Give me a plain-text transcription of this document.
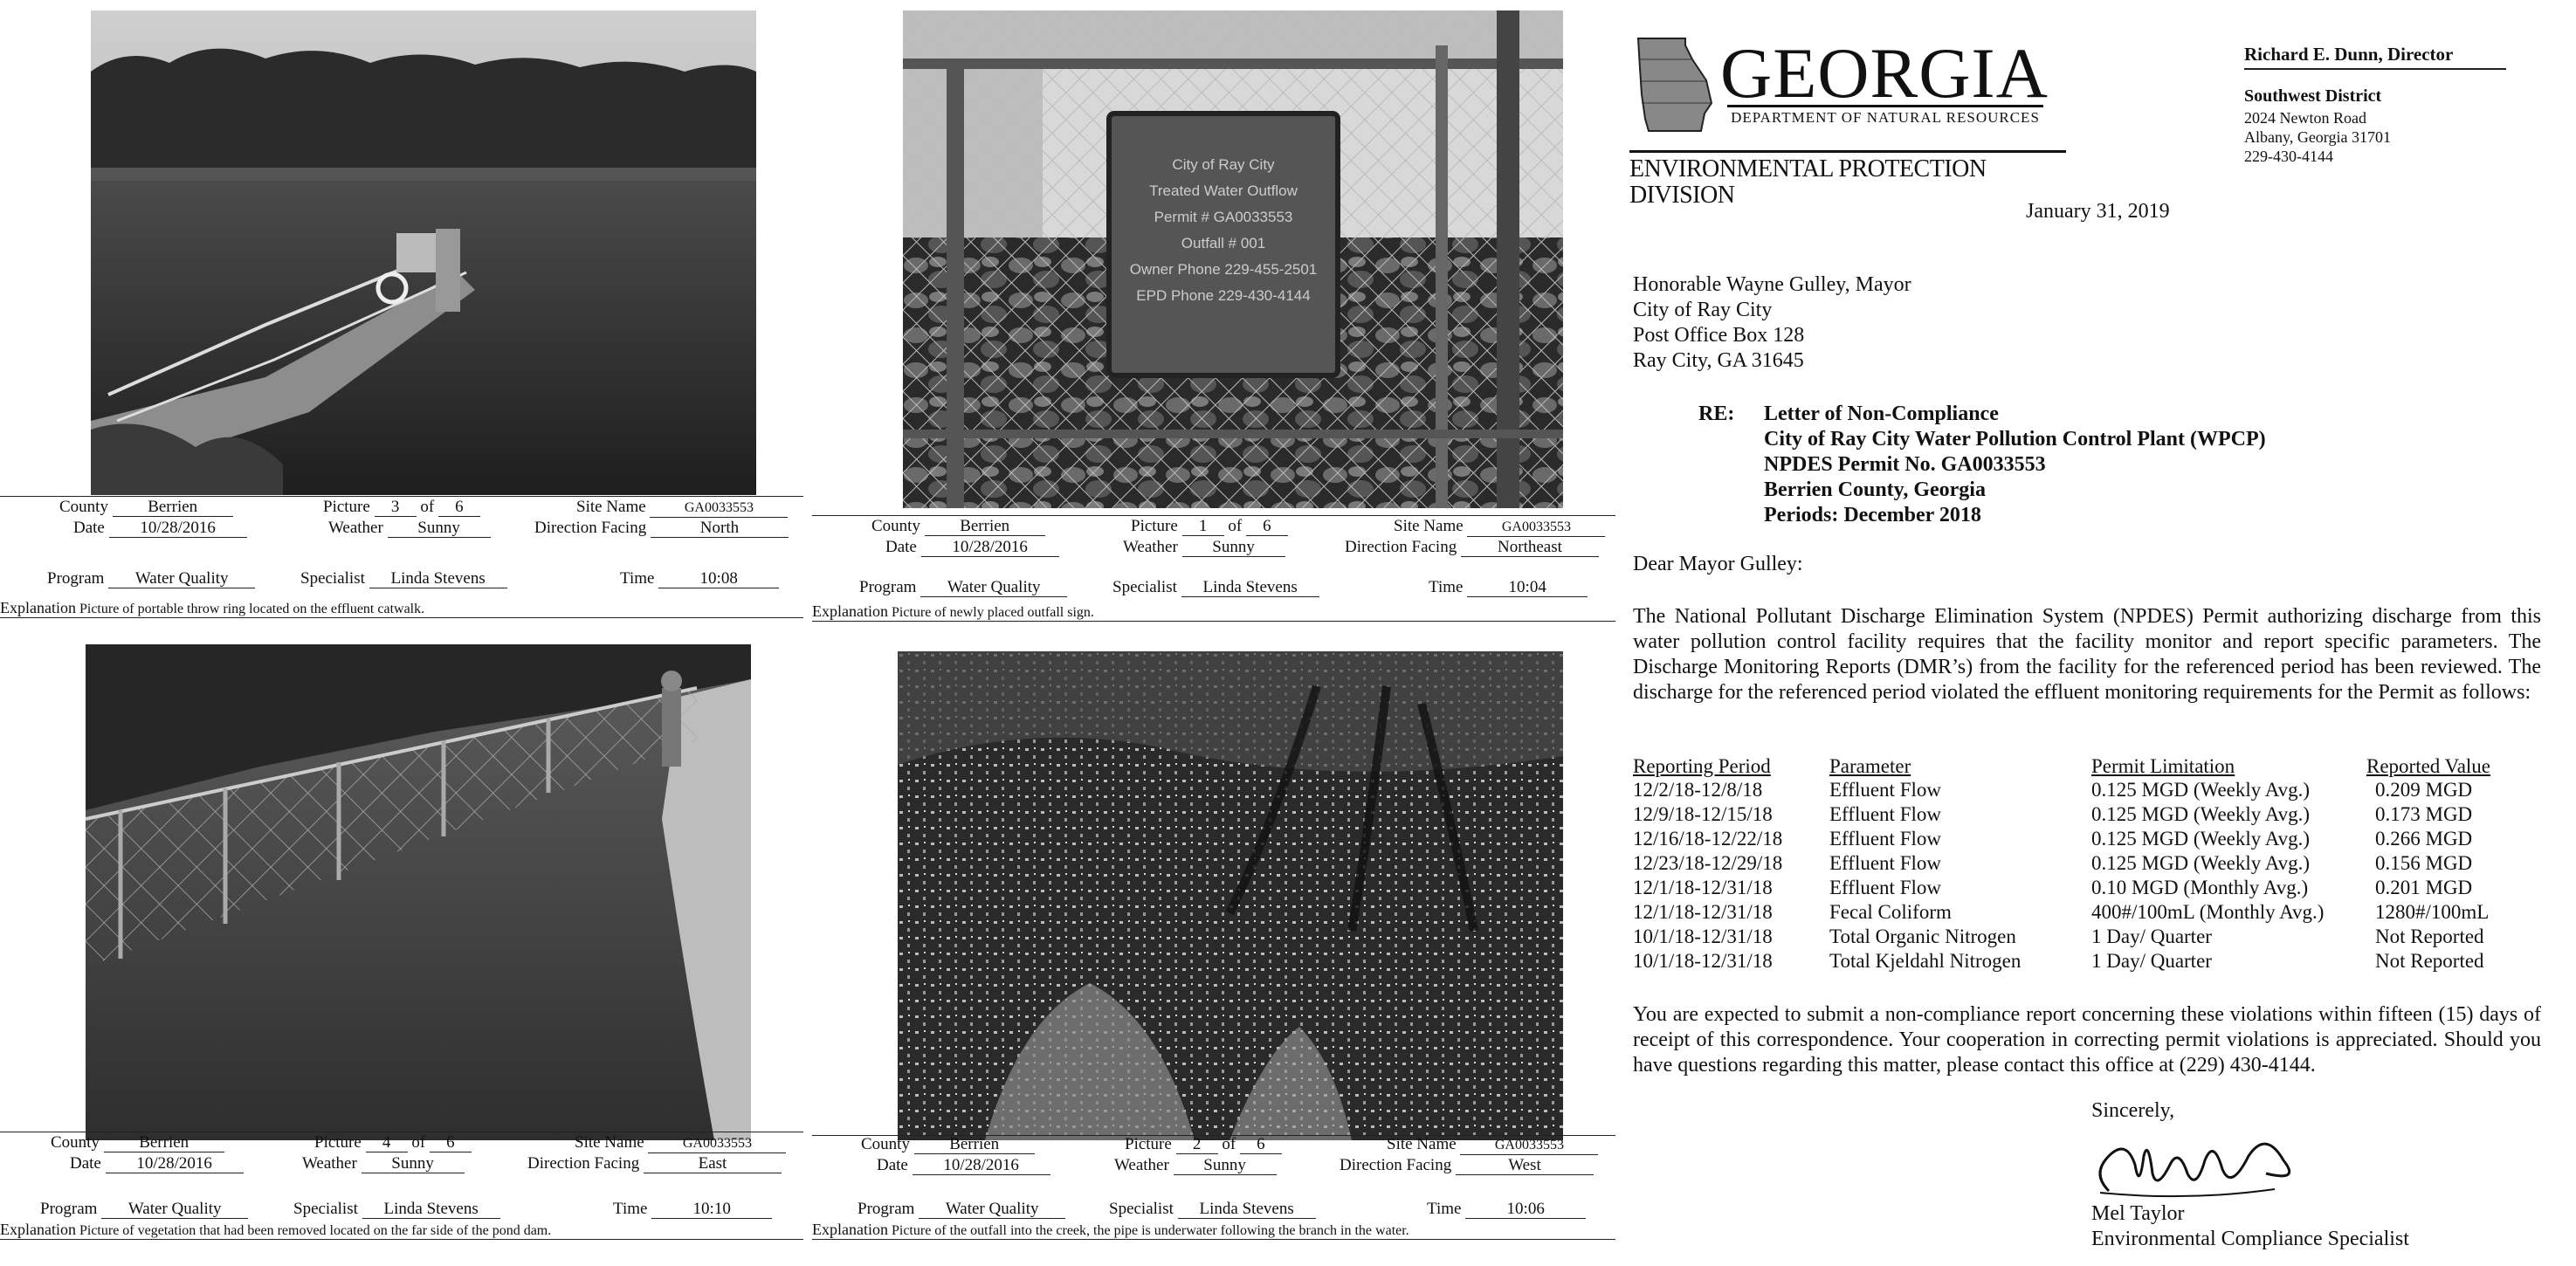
County Berrien	Picture 3 of 6	Site Name	GA0033553
Date 10/28/2016	Weather Sunny	Direction Facing	North
Program Water Quality	Specialist Linda Stevens	Time	10:08
Explanation Picture of portable throw ring located on the effluent catwalk.
City of Ray City
Treated Water Outflow
Permit # GA0033553
Outfall # 001
Owner Phone 229-455-2501
EPD Phone 229-430-4144
County Berrien	Picture 1 of 6	Site Name	GA0033553
Date 10/28/2016	Weather Sunny	Direction Facing Northeast
Program Water Quality	Specialist Linda Stevens	Time	10:04
Explanation Picture of newly placed outfall sign.
County Berrien	Picture 4 of 6	Site Name	GA0033553
Date 10/28/2016	Weather Sunny	Direction Facing	East
Program Water Quality	Specialist Linda Stevens	Time	10:10
Explanation Picture of vegetation that had been removed located on the far side of the pond dam.
County Berrien	Picture 2 of 6	Site Name	GA0033553
Date 10/28/2016	Weather Sunny	Direction Facing	West
Program Water Quality	Specialist Linda Stevens	Time	10:06
Explanation Picture of the outfall into the creek, the pipe is underwater following the branch in the water.
GEORGIA
DEPARTMENT OF NATURAL RESOURCES
ENVIRONMENTAL PROTECTION DIVISION
Richard E. Dunn, Director
Southwest District
2024 Newton Road
Albany, Georgia 31701
229-430-4144
January 31, 2019
Honorable Wayne Gulley, Mayor
City of Ray City
Post Office Box 128
Ray City, GA 31645
RE: Letter of Non-Compliance
City of Ray City Water Pollution Control Plant (WPCP)
NPDES Permit No. GA0033553
Berrien County, Georgia
Periods: December 2018
Dear Mayor Gulley:
The National Pollutant Discharge Elimination System (NPDES) Permit authorizing discharge from this water pollution control facility requires that the facility monitor and report specific parameters. The Discharge Monitoring Reports (DMR’s) from the facility for the referenced period has been reviewed. The discharge for the referenced period violated the effluent monitoring requirements for the Permit as follows:
Reporting Period	Parameter	Permit Limitation	Reported Value
12/2/18-12/8/18	Effluent Flow	0.125 MGD (Weekly Avg.)	0.209 MGD
12/9/18-12/15/18	Effluent Flow	0.125 MGD (Weekly Avg.)	0.173 MGD
12/16/18-12/22/18	Effluent Flow	0.125 MGD (Weekly Avg.)	0.266 MGD
12/23/18-12/29/18	Effluent Flow	0.125 MGD (Weekly Avg.)	0.156 MGD
12/1/18-12/31/18	Effluent Flow	0.10 MGD (Monthly Avg.)	0.201 MGD
12/1/18-12/31/18	Fecal Coliform	400#/100mL (Monthly Avg.)	1280#/100mL
10/1/18-12/31/18	Total Organic Nitrogen	1 Day/ Quarter	Not Reported
10/1/18-12/31/18	Total Kjeldahl Nitrogen	1 Day/ Quarter	Not Reported
You are expected to submit a non-compliance report concerning these violations within fifteen (15) days of receipt of this correspondence. Your cooperation in correcting permit violations is appreciated. Should you have questions regarding this matter, please contact this office at (229) 430-4144.
Sincerely,
Mel Taylor
Environmental Compliance Specialist
